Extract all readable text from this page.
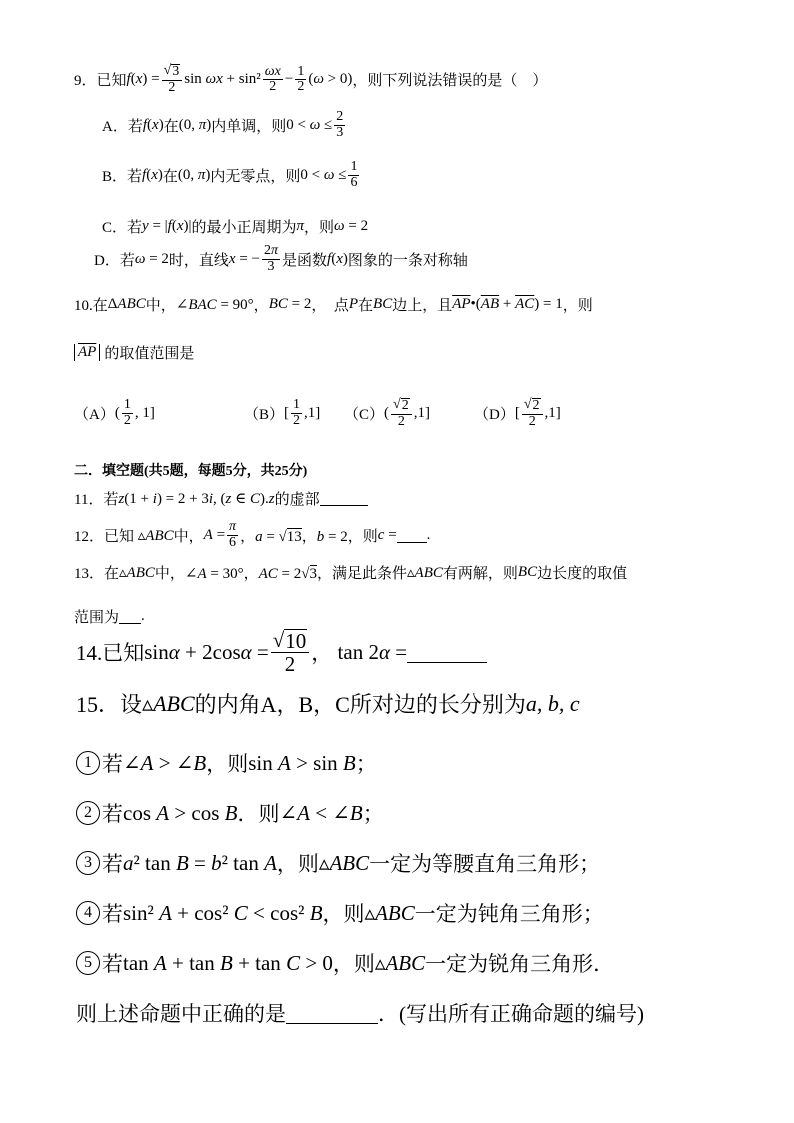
9．已知 $f(x) = \frac{√ 3}{2}$ $\sin \omega x + \sin^2 \frac{\omega x}{2} - \frac{1}{2} (\omega > 0)$ ，则下列说法错误的是（　）
A．若 f(x) 在 (0, π) 内单调，则 $0 < \omega \le \frac{2}{3}$
B．若 f(x) 在 (0, π) 内无零点，则 $0 < \omega \le \frac{1}{6}$
C．若 y = |f(x)| 的最小正周期为 π ，则 ω = 2
D．若 ω = 2 时，直线 x = − $\frac{2\pi}{3}$ 是函数 f(x) 图象的一条对称轴
10.在 ΔABC 中， ∠BAC = 90° ， BC = 2 ，　点 P 在 BC 边上，且 $\overline{AP}•(\overline{AB} + \overline{AC}) = 1$ ，则
$\overline{AP}$ 的取值范围是
（A） ( $\frac{1}{2}$ , 1]	（B） [ $\frac{1}{2} ,1$] （C） ( $\frac{√ 2}{2} ,1$]	（D） [ $\frac{√ 2}{2} ,1$]
二．填空题(共5题，每题5分，共25分)
11．若 z(1 + i) = 2 + 3i, (z ∈ C).z 的虚部
12．已知 ▵ABC 中， $A = \frac{\pi}{6}$ ，a = √13，b = 2 ，则 c = .
13．在 ▵ABC 中， ∠A = 30°，AC = 2√3 ，满足此条件 ▵ABC 有两解，则 BC 边长度的取值
范围为 .
14.已知 $\sin\alpha + 2\cos\alpha = \frac{√ 10}{2}$ ， tan 2α =
15．设 ▵ABC 的内角A，B，C所对边的长分别为 a, b, c
1 若 ∠A > ∠B ，则 sin A > sin B ；
2 若 cos A > cos B ．则 ∠A < ∠B ；
3 若 a² tan B = b² tan A ，则 ▵ABC 一定为等腰直角三角形；
4 若 sin² A + cos² C < cos² B ，则 ▵ABC 一定为钝角三角形；
5 若 tan A + tan B + tan C > 0 ，则 ▵ABC 一定为锐角三角形．
则上述命题中正确的是	．(写出所有正确命题的编号)
